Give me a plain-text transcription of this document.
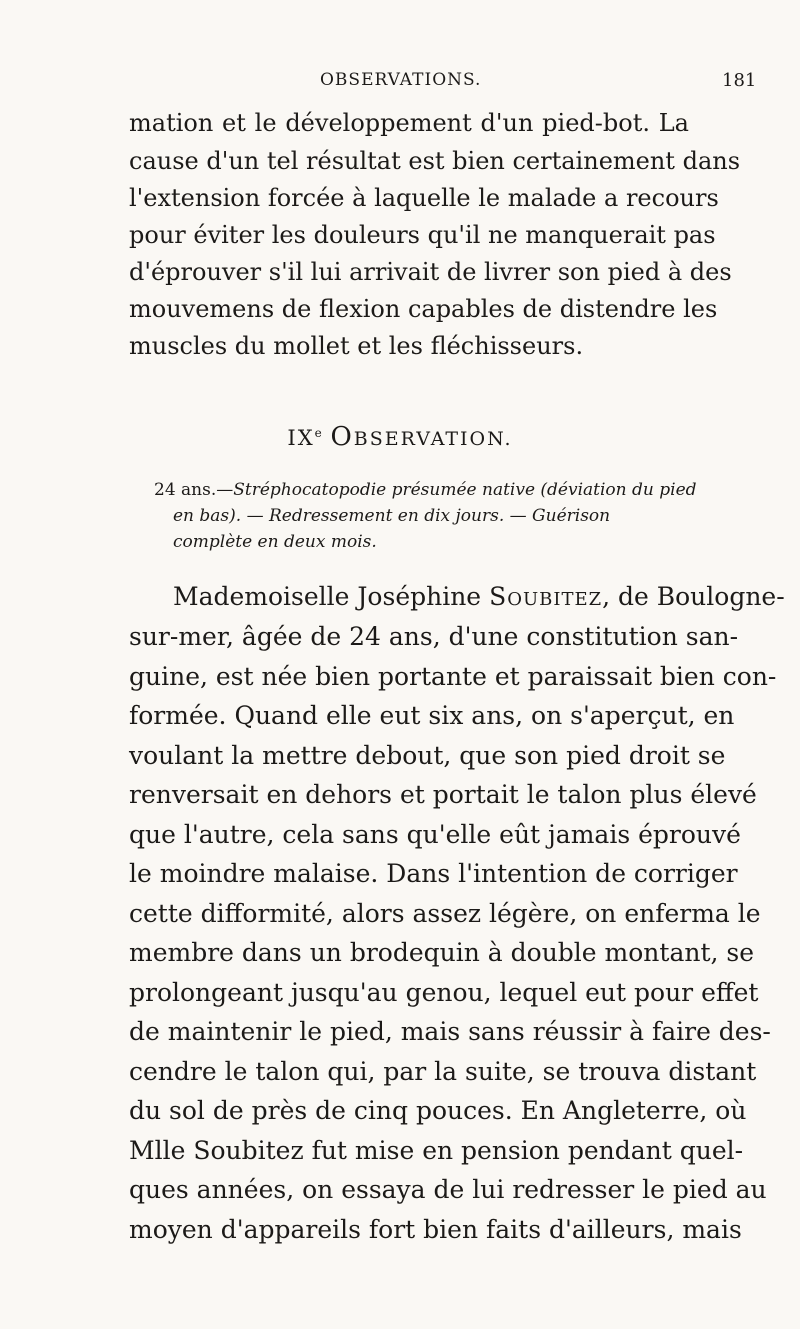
OBSERVATIONS.	181
mation et le développement d'un pied-bot. La
cause d'un tel résultat est bien certainement dans
l'extension forcée à laquelle le malade a recours
pour éviter les douleurs qu'il ne manquerait pas
d'éprouver s'il lui arrivait de livrer son pied à des
mouvemens de flexion capables de distendre les
muscles du mollet et les fléchisseurs.
IXe OBSERVATION.
24 ans.—Stréphocatopodie présumée native (déviation du pied
en bas). — Redressement en dix jours. — Guérison
complète en deux mois.
Mademoiselle Joséphine Soubitez, de Boulogne-
sur-mer, âgée de 24 ans, d'une constitution san-
guine, est née bien portante et paraissait bien con-
formée. Quand elle eut six ans, on s'aperçut, en
voulant la mettre debout, que son pied droit se
renversait en dehors et portait le talon plus élevé
que l'autre, cela sans qu'elle eût jamais éprouvé
le moindre malaise. Dans l'intention de corriger
cette difformité, alors assez légère, on enferma le
membre dans un brodequin à double montant, se
prolongeant jusqu'au genou, lequel eut pour effet
de maintenir le pied, mais sans réussir à faire des-
cendre le talon qui, par la suite, se trouva distant
du sol de près de cinq pouces. En Angleterre, où
Mlle Soubitez fut mise en pension pendant quel-
ques années, on essaya de lui redresser le pied au
moyen d'appareils fort bien faits d'ailleurs, mais
